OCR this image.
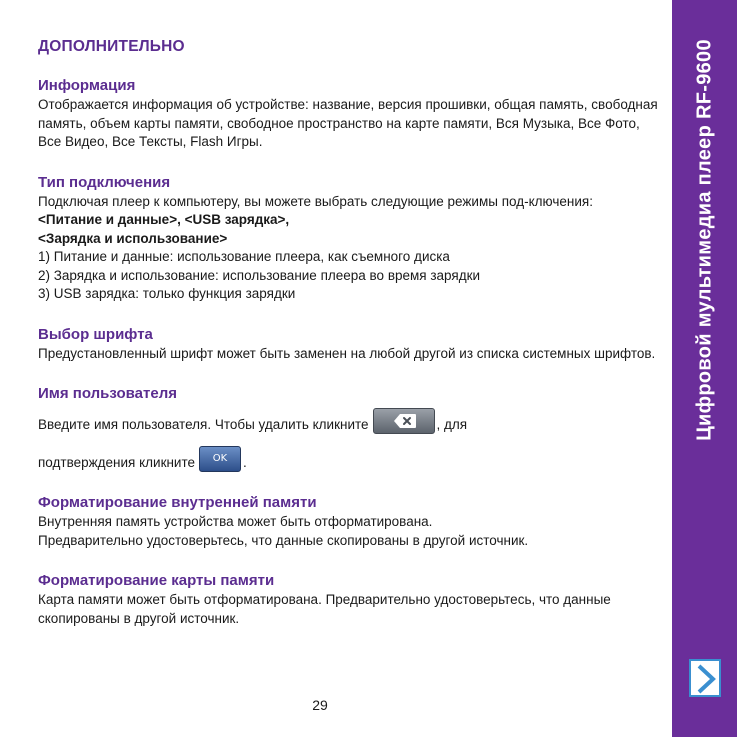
ДОПОЛНИТЕЛЬНО
Информация

Отображается информация об устройстве: название, версия прошивки, общая память, свободная память, объем карты памяти, свободное пространство на карте памяти, Вся Музыка, Все Фото, Все Видео, Все Тексты, Flash Игры.

Тип подключения

Подключая плеер к компьютеру, вы можете выбрать следующие режимы под-ключения: <Питание и данные>, <USB зарядка>,
<Зарядка и использование>

1) Питание и данные: использование плеера, как съемного диска

2) Зарядка и использование: использование плеера во время зарядки

3) USB зарядка: только функция зарядки

Выбор шрифта

Предустановленный шрифт может быть заменен на любой другой из списка системных шрифтов.

Имя пользователя
Введите имя пользователя. Чтобы удалить кликните	, для
подтверждения кликните	OK	.
Форматирование внутренней памяти

Внутренняя память устройства может быть отформатирована.

Предварительно удостоверьтесь, что данные скопированы в другой источник.

Форматирование карты памяти

Карта памяти может быть отформатирована. Предварительно удостоверьтесь, что данные скопированы в другой источник.

29
Цифровой мультимедиа плеер RF-9600
